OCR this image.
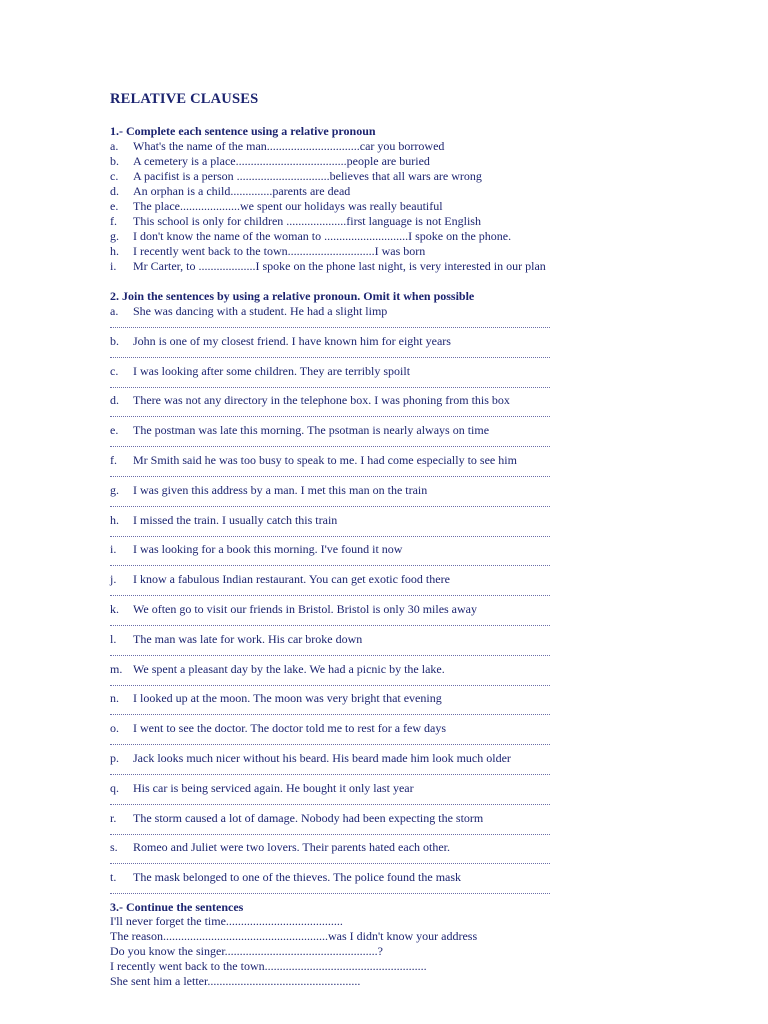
RELATIVE CLAUSES
1.- Complete each sentence using a relative pronoun
a. What's the name of the man...............................car you borrowed
b. A cemetery is a place.....................................people are buried
c. A pacifist is a person ...............................believes that all wars are wrong
d. An orphan is a child..............parents are dead
e. The place....................we spent our holidays was really beautiful
f. This school is only for children ....................first language is not English
g. I don't know the name of the woman to ............................I spoke on the phone.
h. I recently went back to the town.............................I was born
i. Mr Carter, to ...................I spoke on the phone last night, is very interested in our plan
2. Join the sentences by using a relative pronoun. Omit it when possible
a. She was dancing with a student. He had a slight limp
b. John is one of my closest friend. I have known him for eight years
c. I was looking after some children. They are terribly spoilt
d. There was not any directory in the telephone box. I was phoning from this box
e. The postman was late this morning. The psotman is nearly always on time
f. Mr Smith said he was too busy to speak to me. I had come especially to see him
g. I was given this address by a man. I met this man on the train
h. I missed the train. I usually catch this train
i. I was looking for a book this morning. I've found it now
j. I know a fabulous Indian restaurant. You can get exotic food there
k. We often go to visit our friends in Bristol. Bristol is only 30 miles away
l. The man was late for work. His car broke down
m. We spent a pleasant day by the lake. We had a picnic by the lake.
n. I looked up at the moon. The moon was very bright that evening
o. I went to see the doctor. The doctor told me to rest for a few days
p. Jack looks much nicer without his beard. His beard made him look much older
q. His car is being serviced again. He bought it only last year
r. The storm caused a lot of damage. Nobody had been expecting the storm
s. Romeo and Juliet were two lovers. Their parents hated each other.
t. The mask belonged to one of the thieves. The police found the mask
3.- Continue the sentences
I'll never forget the time.......................................
The reason.......................................................was I didn't know your address
Do you know the singer...................................................?
I recently went back to the town......................................................
She sent him a letter...................................................
